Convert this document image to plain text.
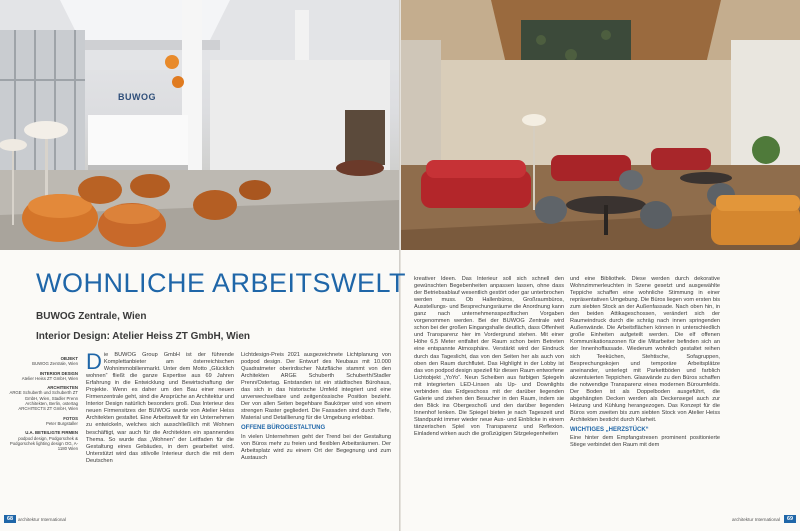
BUWOG
WOHNLICHE ARBEITSWELT
BUWOG Zentrale, Wien
Interior Design: Atelier Heiss ZT GmbH, Wien
OBJEKT
BUWOG Zentrale, Wien
INTERIOR DESIGN
Atelier Heiss ZT GmbH, Wien
ARCHITEKTEN
ARGE Schuberth und Schuberth ZT GmbH, Wien, Stadler Prenn Architekten, Berlin, ostertag ARCHITECTS ZT GmbH, Wien
FOTOS
Peter Burgstaller
U.A. BETEILIGTE FIRMEN
podpod design, Podgorschek & Podgorschek lighting design OG, A-1180 Wien
D ie BUWOG Group GmbH ist der führende Komplettanbieter am österreichischen Wohnimmobilienmarkt. Unter dem Motto „Glücklich wohnen“ fließt die ganze Expertise aus 69 Jahren Erfahrung in die Entwicklung und Bewirtschaftung der Projekte. Wenn es daher um den Bau einer neuen Firmenzentrale geht, sind die Ansprüche an Architektur und Interior Design natürlich besonders groß. Das Interieur des neuen Firmensitzes der BUWOG wurde von Atelier Heiss Architekten gestaltet. Eine Arbeitswelt für ein Unternehmen zu entwickeln, welches sich ausschließlich mit Wohnen beschäftigt, war auch für die Architekten ein spannendes Thema. So wurde das „Wohnen“ der Leitfaden für die Gestaltung eines Gebäudes, in dem gearbeitet wird. Unterstützt wird das stilvolle Interieur durch die mit dem Deutschen

Lichtdesign-Preis 2021 ausgezeichnete Lichtplanung von podpod design. Der Entwurf des Neubaus mit 10.000 Quadratmeter oberirdischer Nutzfläche stammt von den Architekten ARGE Schuberth Schuberth/Stadler Prenn/Ostertag. Entstanden ist ein städtisches Bürohaus, das sich in das historische Umfeld integriert und eine unverwechselbare und zeitgenössische Position bezieht. Der von allen Seiten begehbare Baukörper wird von einem strengen Raster gegliedert. Die Fassaden sind durch Tiefe, Material und Detaillierung für die Umgebung erlebbar.

OFFENE BÜROGESTALTUNG

In vielen Unternehmen geht der Trend bei der Gestaltung von Büros mehr zu freien und flexiblen Arbeitsräumen. Der Arbeitsplatz wird zu einem Ort der Begegnung und zum Austausch

kreativer Ideen. Das Interieur soll sich schnell den gewünschten Begebenheiten anpassen lassen, ohne dass der Betriebsablauf wesentlich gestört oder gar unterbrochen werden muss. Ob Hallenbüros, Großraumbüros, Ausstellungs- und Besprechungsräume die Anordnung kann ganz nach unternehmensspezifischen Vorgaben vorgenommen werden. Bei der BUWOG Zentrale wird schon bei der großen Eingangshalle deutlich, dass Offenheit und Transparenz hier im Vordergrund stehen. Mit einer Höhe 6,5 Meter entfaltet der Raum schon beim Betreten eine entspannte Atmosphäre. Verstärkt wird der Eindruck durch das Tageslicht, das von den Seiten her als auch von oben den Raum durchflutet. Das Highlight in der Lobby ist das von podpod design speziell für diesen Raum entworfene Lichtobjekt „YoYo“. Neun Scheiben aus farbigen Spiegeln mit integrierten LED-Linsen als Up- und Downlights verbinden das Erdgeschoss mit der darüber liegenden Galerie und ziehen den Besucher in den Raum, indem sie den Blick ins Obergeschoß und den darüber liegenden Innenhof lenken. Die Spiegel bieten je nach Tageszeit und Standpunkt immer wieder neue Aus- und Einblicke in einem tänzerischen Spiel von Transparenz und Reflexion. Einladend wirken auch die großzügigen Sitzgelegenheiten

und eine Bibliothek. Diese werden durch dekorative Wohnzimmerleuchten in Szene gesetzt und ausgewählte Teppiche schaffen eine wohnliche Stimmung in einer repräsentativen Umgebung. Die Büros liegen vom ersten bis zum siebten Stock an der Außenfassade. Nach oben hin, in den beiden Attikageschossen, verändert sich der Raumeindruck durch die schräg nach innen springenden Außenwände. Die Arbeitsflächen können in unterschiedlich große Einheiten aufgeteilt werden. Die elf offenen Kommunikationszonen für die Mitarbeiter befinden sich an der Innenhoffassade. Wiederum wohnlich gestaltet reihen sich Teeküchen, Stehtische, Sofagruppen, Besprechungskojen und temporäre Arbeitsplätze aneinander, unterlegt mit Parkettböden und farblich akzentuierten Teppichen. Glaswände zu den Büros schaffen die notwendige Transparenz eines modernen Büroumfelds. Der Boden ist als Doppelboden ausgeführt, die abgehängten Decken werden als Deckensegel auch zur Heizung und Kühlung herangezogen. Das Konzept für die Büros vom zweiten bis zum siebten Stock von Atelier Heiss Architekten besticht durch Klarheit.

WICHTIGES „HERZSTÜCK“

Eine hinter dem Empfangstresen prominent positionierte Stiege verbindet den Raum mit dem

68	architektur International	architektur International	69
